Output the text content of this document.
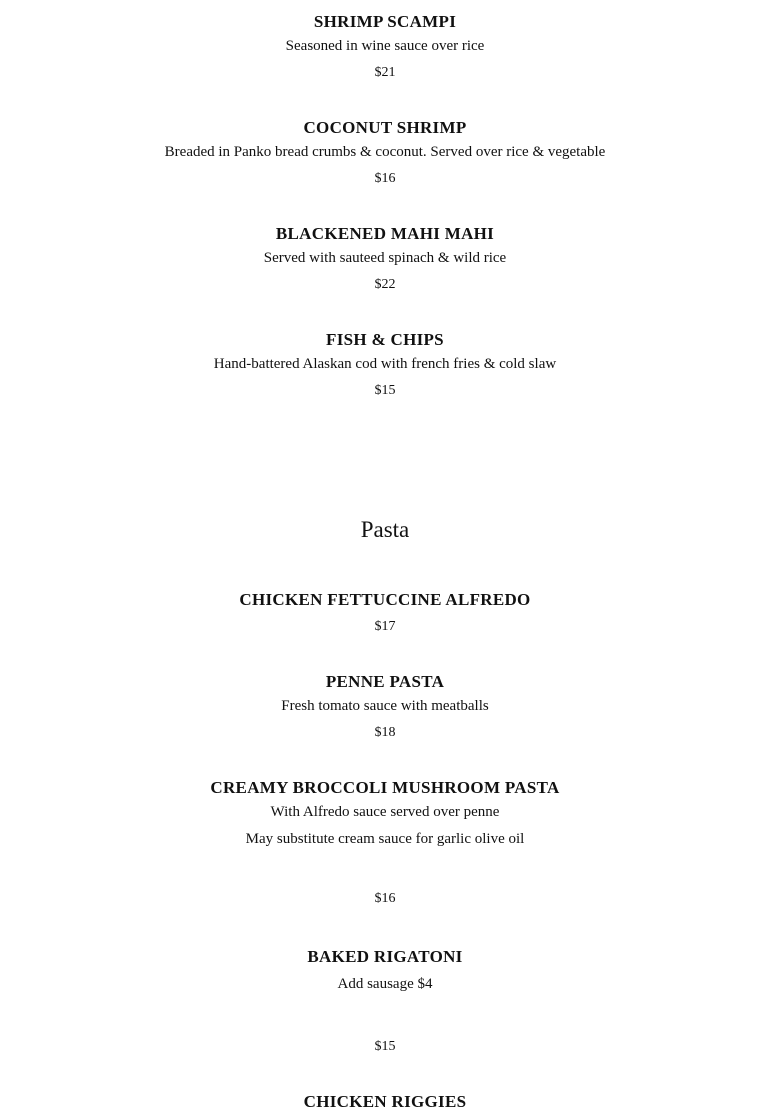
SHRIMP SCAMPI
Seasoned in wine sauce over rice
$21
COCONUT SHRIMP
Breaded in Panko bread crumbs & coconut. Served over rice & vegetable
$16
BLACKENED MAHI MAHI
Served with sauteed spinach & wild rice
$22
FISH & CHIPS
Hand-battered Alaskan cod with french fries & cold slaw
$15
Pasta
CHICKEN FETTUCCINE ALFREDO
$17
PENNE PASTA
Fresh tomato sauce with meatballs
$18
CREAMY BROCCOLI MUSHROOM PASTA
With Alfredo sauce served over penne
May substitute cream sauce for garlic olive oil
$16
BAKED RIGATONI
Add sausage $4
$15
CHICKEN RIGGIES
